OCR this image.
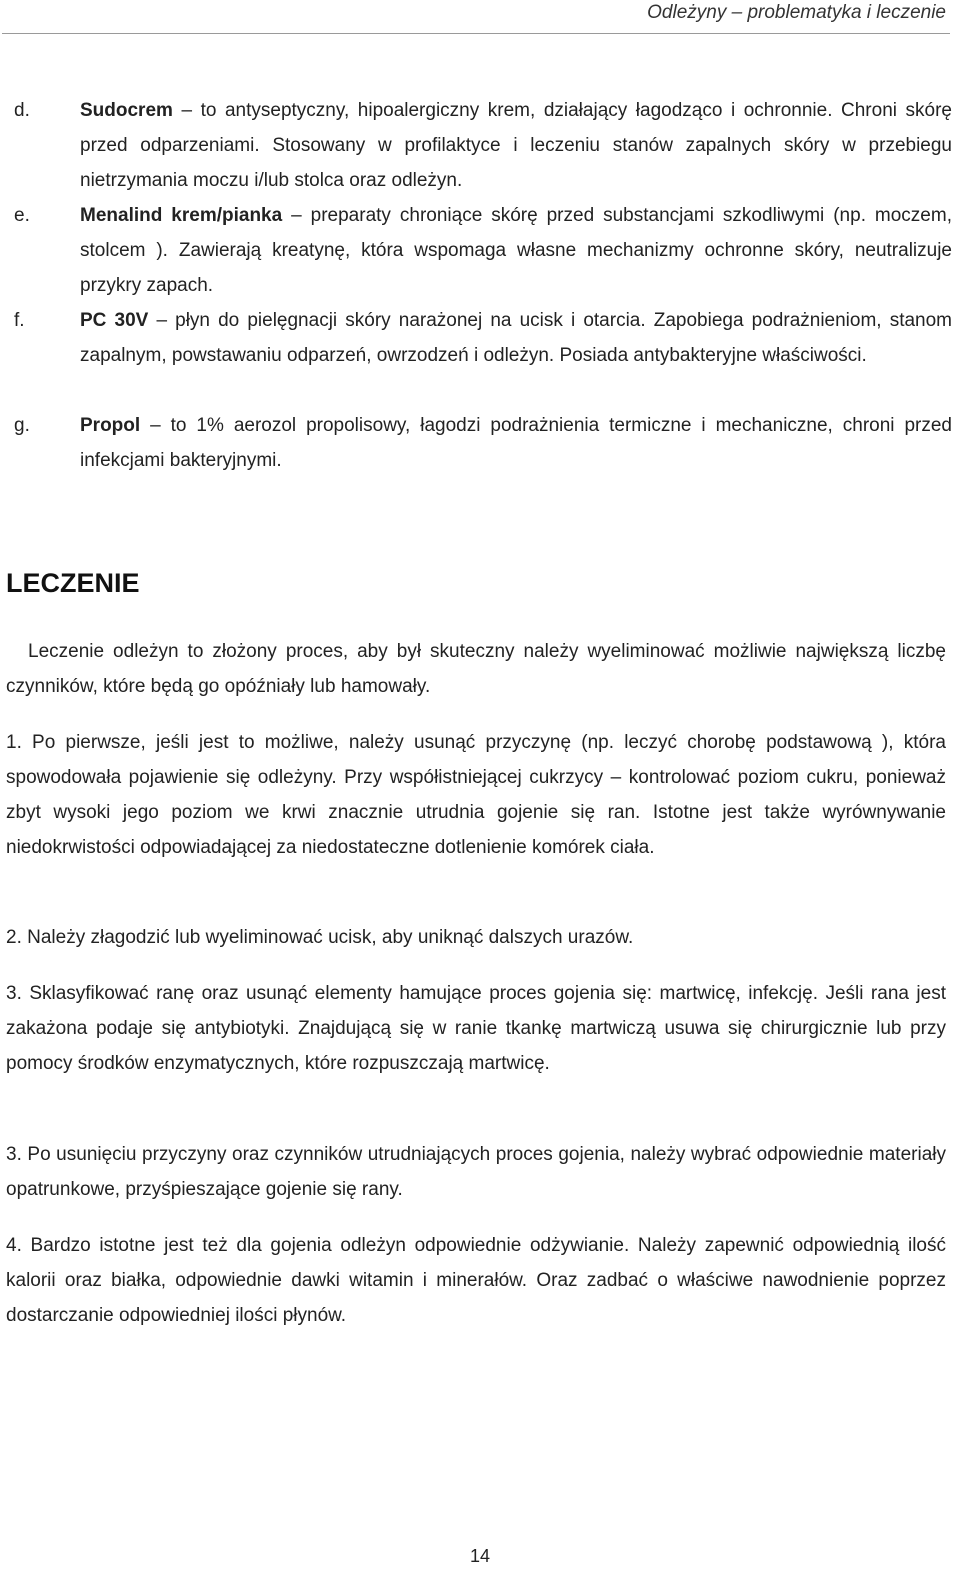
Odleżyny – problematyka i leczenie
d.	Sudocrem – to antyseptyczny, hipoalergiczny krem, działający łagodząco i ochronnie. Chroni skórę przed odparzeniami. Stosowany w profilaktyce i leczeniu stanów zapalnych skóry w przebiegu nietrzymania moczu i/lub stolca oraz odleżyn.
e.	Menalind krem/pianka – preparaty chroniące skórę przed substancjami szkodliwymi (np. moczem, stolcem ). Zawierają kreatynę, która wspomaga własne mechanizmy ochronne skóry, neutralizuje przykry zapach.
f.	PC 30V – płyn do pielęgnacji skóry narażonej na ucisk i otarcia. Zapobiega podrażnieniom, stanom zapalnym, powstawaniu odparzeń, owrzodzeń i odleżyn. Posiada antybakteryjne właściwości.
g.	Propol – to 1% aerozol propolisowy, łagodzi podrażnienia termiczne i mechaniczne, chroni przed infekcjami bakteryjnymi.
LECZENIE
Leczenie odleżyn to złożony proces, aby był skuteczny należy wyeliminować możliwie największą liczbę czynników, które będą go opóźniały lub hamowały.
1. Po pierwsze, jeśli jest to możliwe, należy usunąć przyczynę (np. leczyć chorobę podstawową ), która spowodowała pojawienie się odleżyny. Przy współistniejącej cukrzycy – kontrolować poziom cukru, ponieważ zbyt wysoki jego poziom we krwi znacznie utrudnia gojenie się ran. Istotne jest także wyrównywanie niedokrwistości odpowiadającej za niedostateczne dotlenienie komórek ciała.
2. Należy złagodzić lub wyeliminować ucisk, aby uniknąć dalszych urazów.
3. Sklasyfikować ranę oraz usunąć elementy hamujące proces gojenia się: martwicę, infekcję. Jeśli rana jest zakażona podaje się antybiotyki. Znajdującą się w ranie tkankę martwiczą usuwa się chirurgicznie lub przy pomocy środków enzymatycznych, które rozpuszczają martwicę.
3. Po usunięciu przyczyny oraz czynników utrudniających proces gojenia, należy wybrać odpowiednie materiały opatrunkowe, przyśpieszające gojenie się rany.
4. Bardzo istotne jest też dla gojenia odleżyn odpowiednie odżywianie. Należy zapewnić odpowiednią ilość kalorii oraz białka, odpowiednie dawki witamin i minerałów. Oraz zadbać o właściwe nawodnienie poprzez dostarczanie odpowiedniej ilości płynów.
14
